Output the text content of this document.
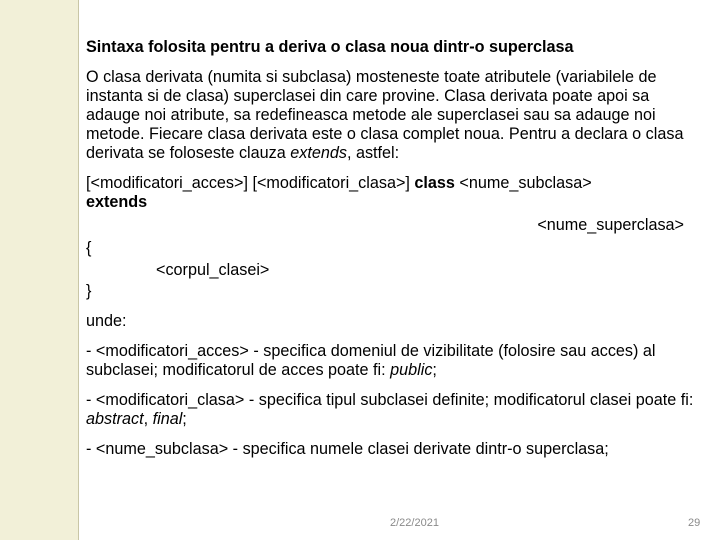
Sintaxa folosita pentru a deriva o clasa noua dintr-o superclasa

O clasa derivata (numita si subclasa) mosteneste toate atributele (variabilele de instanta si de clasa) superclasei din care provine. Clasa derivata poate apoi sa adauge noi atribute, sa redefineasca metode ale superclasei sau sa adauge noi metode. Fiecare clasa derivata este o clasa complet noua. Pentru a declara o clasa derivata se foloseste clauza extends, astfel:

[<modificatori_acces>] [<modificatori_clasa>] class <nume_subclasa>
extends
<nume_superclasa>
{
<corpul_clasei>
}

unde:

- <modificatori_acces> - specifica domeniul de vizibilitate (folosire sau acces) al subclasei; modificatorul de acces poate fi: public;

- <modificatori_clasa> - specifica tipul subclasei definite; modificatorul clasei poate fi: abstract, final;

- <nume_subclasa> - specifica numele clasei derivate dintr-o superclasa;

2/22/2021	29
